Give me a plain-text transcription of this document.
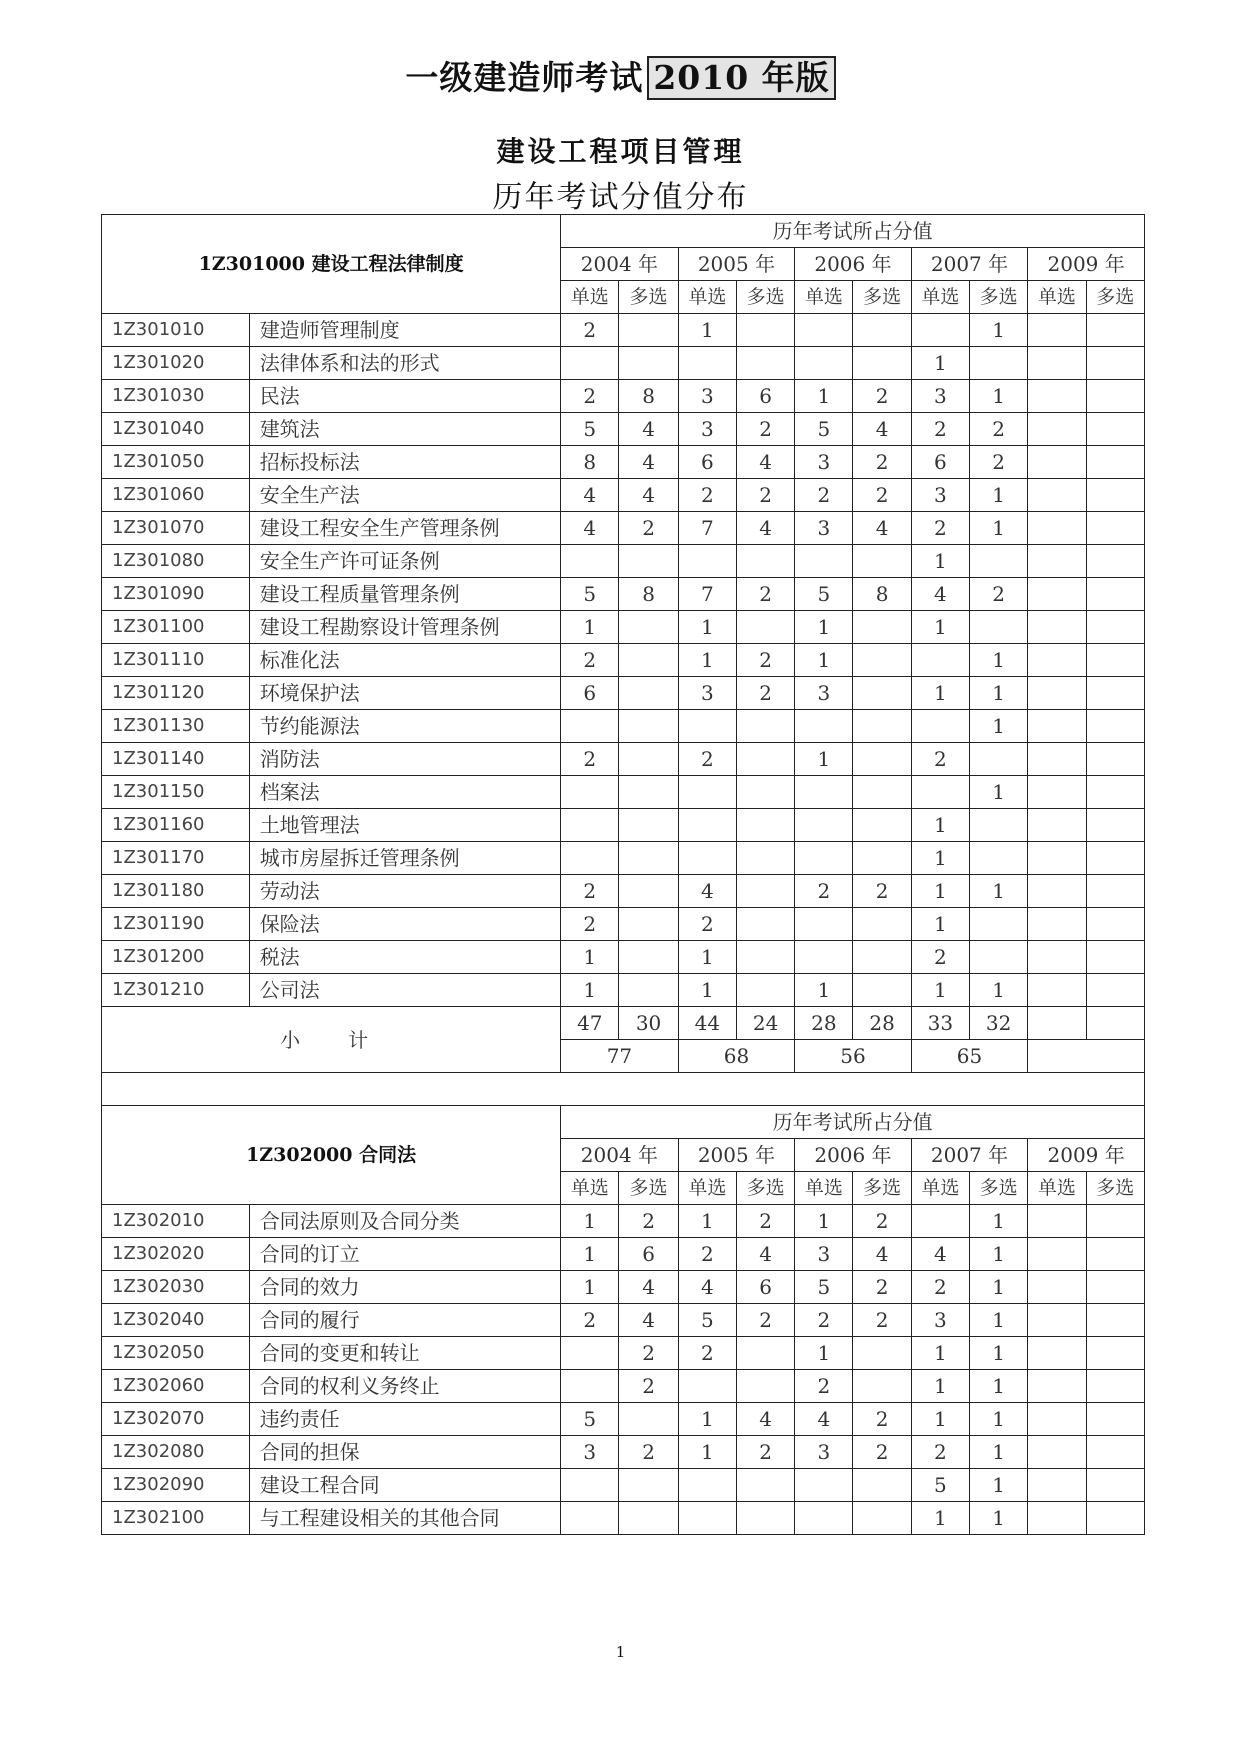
一级建造师考试 2010 年版
建设工程项目管理
历年考试分值分布
1Z301000 建设工程法律制度		历年考试所占分值									
		2004 年		2005 年		2006 年		2007 年		2009 年	
		单选	多选	单选	多选	单选	多选	单选	多选	单选	多选

1Z301010	建造师管理制度	2		1					1		
1Z301020	法律体系和法的形式							1			
1Z301030	民法	2	8	3	6	1	2	3	1		
1Z301040	建筑法	5	4	3	2	5	4	2	2		
1Z301050	招标投标法	8	4	6	4	3	2	6	2		
1Z301060	安全生产法	4	4	2	2	2	2	3	1		
1Z301070	建设工程安全生产管理条例	4	2	7	4	3	4	2	1		
1Z301080	安全生产许可证条例							1			
1Z301090	建设工程质量管理条例	5	8	7	2	5	8	4	2		
1Z301100	建设工程勘察设计管理条例	1		1		1		1			
1Z301110	标准化法	2		1	2	1			1		
1Z301120	环境保护法	6		3	2	3		1	1		
1Z301130	节约能源法								1		
1Z301140	消防法	2		2		1		2			
1Z301150	档案法								1		
1Z301160	土地管理法							1			
1Z301170	城市房屋拆迁管理条例							1			
1Z301180	劳动法	2		4		2	2	1	1		
1Z301190	保险法	2		2				1			
1Z301200	税法	1		1				2			
1Z301210	公司法	1		1		1		1	1		
小　计		47	30	44	24	28	28	33	32		
		77		68		56		65			

1Z302000 合同法		历年考试所占分值									
		2004 年		2005 年		2006 年		2007 年		2009 年	
		单选	多选	单选	多选	单选	多选	单选	多选	单选	多选

1Z302010	合同法原则及合同分类	1	2	1	2	1	2		1		
1Z302020	合同的订立	1	6	2	4	3	4	4	1		
1Z302030	合同的效力	1	4	4	6	5	2	2	1		
1Z302040	合同的履行	2	4	5	2	2	2	3	1		
1Z302050	合同的变更和转让		2	2		1		1	1		
1Z302060	合同的权利义务终止		2			2		1	1		
1Z302070	违约责任	5		1	4	4	2	1	1		
1Z302080	合同的担保	3	2	1	2	3	2	2	1		
1Z302090	建设工程合同							5	1		
1Z302100	与工程建设相关的其他合同							1	1		
1
